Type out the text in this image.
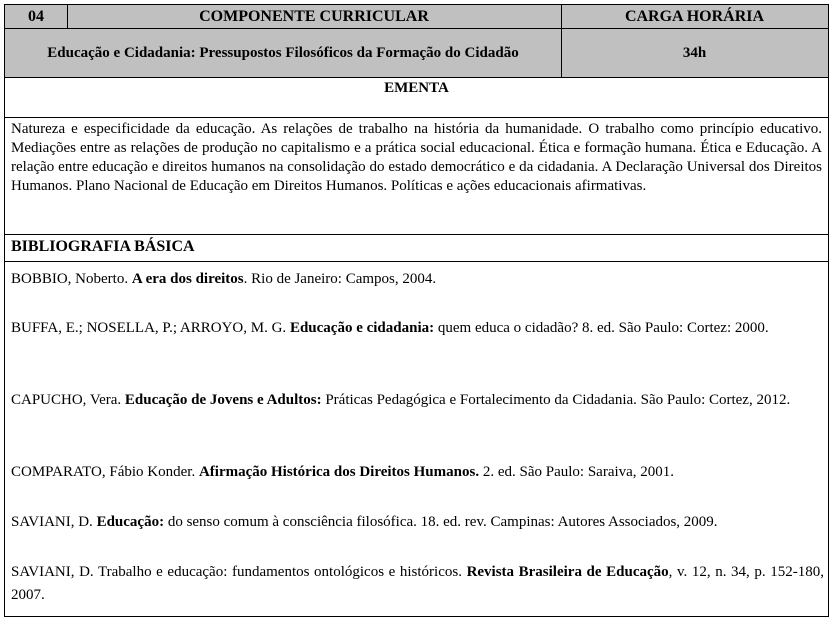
04	COMPONENTE CURRICULAR	CARGA HORÁRIA
Educação e Cidadania: Pressupostos Filosóficos da Formação do Cidadão	34h
EMENTA
Natureza e especificidade da educação. As relações de trabalho na história da humanidade. O trabalho como princípio educativo. Mediações entre as relações de produção no capitalismo e a prática social educacional. Ética e formação humana. Ética e Educação. A relação entre educação e direitos humanos na consolidação do estado democrático e da cidadania. A Declaração Universal dos Direitos Humanos. Plano Nacional de Educação em Direitos Humanos. Políticas e ações educacionais afirmativas.
BIBLIOGRAFIA BÁSICA
BOBBIO, Noberto. A era dos direitos. Rio de Janeiro: Campos, 2004.
BUFFA, E.; NOSELLA, P.; ARROYO, M. G. Educação e cidadania: quem educa o cidadão? 8. ed. São Paulo: Cortez: 2000.
CAPUCHO, Vera. Educação de Jovens e Adultos: Práticas Pedagógica e Fortalecimento da Cidadania. São Paulo: Cortez, 2012.
COMPARATO, Fábio Konder. Afirmação Histórica dos Direitos Humanos. 2. ed. São Paulo: Saraiva, 2001.
SAVIANI, D. Educação: do senso comum à consciência filosófica. 18. ed. rev. Campinas: Autores Associados, 2009.
SAVIANI, D. Trabalho e educação: fundamentos ontológicos e históricos. Revista Brasileira de Educação, v. 12, n. 34, p. 152-180, 2007.
